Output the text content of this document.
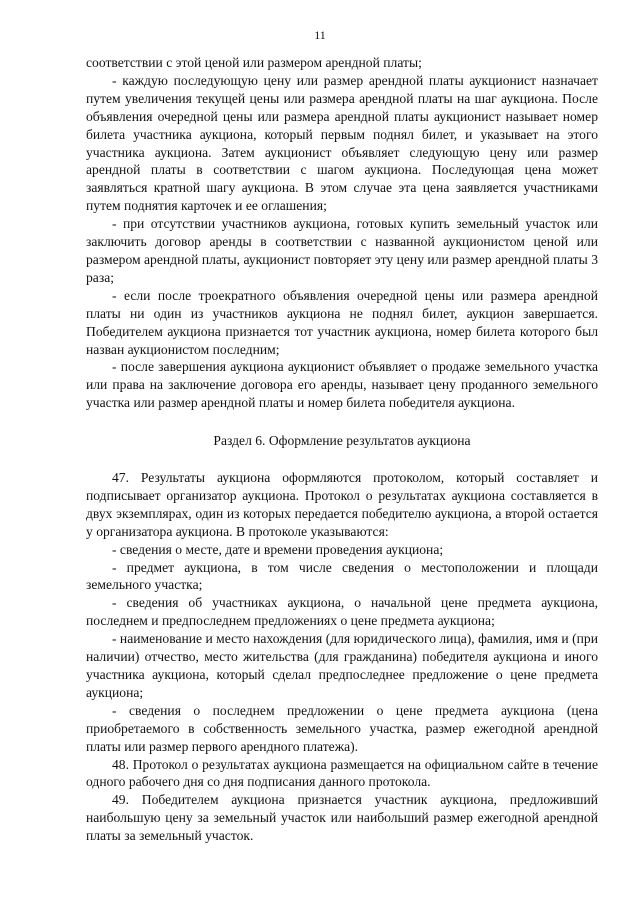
11

соответствии с этой ценой или размером арендной платы;

- каждую последующую цену или размер арендной платы аукционист назначает путем увеличения текущей цены или размера арендной платы на шаг аукциона. После объявления очередной цены или размера арендной платы аукционист называет номер билета участника аукциона, который первым поднял билет, и указывает на этого участника аукциона. Затем аукционист объявляет следующую цену или размер арендной платы в соответствии с шагом аукциона. Последующая цена может заявляться кратной шагу аукциона. В этом случае эта цена заявляется участниками путем поднятия карточек и ее оглашения;

- при отсутствии участников аукциона, готовых купить земельный участок или заключить договор аренды в соответствии с названной аукционистом ценой или размером арендной платы, аукционист повторяет эту цену или размер арендной платы 3 раза;

- если после троекратного объявления очередной цены или размера арендной платы ни один из участников аукциона не поднял билет, аукцион завершается. Победителем аукциона признается тот участник аукциона, номер билета которого был назван аукционистом последним;

- после завершения аукциона аукционист объявляет о продаже земельного участка или права на заключение договора его аренды, называет цену проданного земельного участка или размер арендной платы и номер билета победителя аукциона.

Раздел 6. Оформление результатов аукциона

47. Результаты аукциона оформляются протоколом, который составляет и подписывает организатор аукциона. Протокол о результатах аукциона составляется в двух экземплярах, один из которых передается победителю аукциона, а второй остается у организатора аукциона. В протоколе указываются:

- сведения о месте, дате и времени проведения аукциона;

- предмет аукциона, в том числе сведения о местоположении и площади земельного участка;

- сведения об участниках аукциона, о начальной цене предмета аукциона, последнем и предпоследнем предложениях о цене предмета аукциона;

- наименование и место нахождения (для юридического лица), фамилия, имя и (при наличии) отчество, место жительства (для гражданина) победителя аукциона и иного участника аукциона, который сделал предпоследнее предложение о цене предмета аукциона;

- сведения о последнем предложении о цене предмета аукциона (цена приобретаемого в собственность земельного участка, размер ежегодной арендной платы или размер первого арендного платежа).

48. Протокол о результатах аукциона размещается на официальном сайте в течение одного рабочего дня со дня подписания данного протокола.

49. Победителем аукциона признается участник аукциона, предложивший наибольшую цену за земельный участок или наибольший размер ежегодной арендной платы за земельный участок.
